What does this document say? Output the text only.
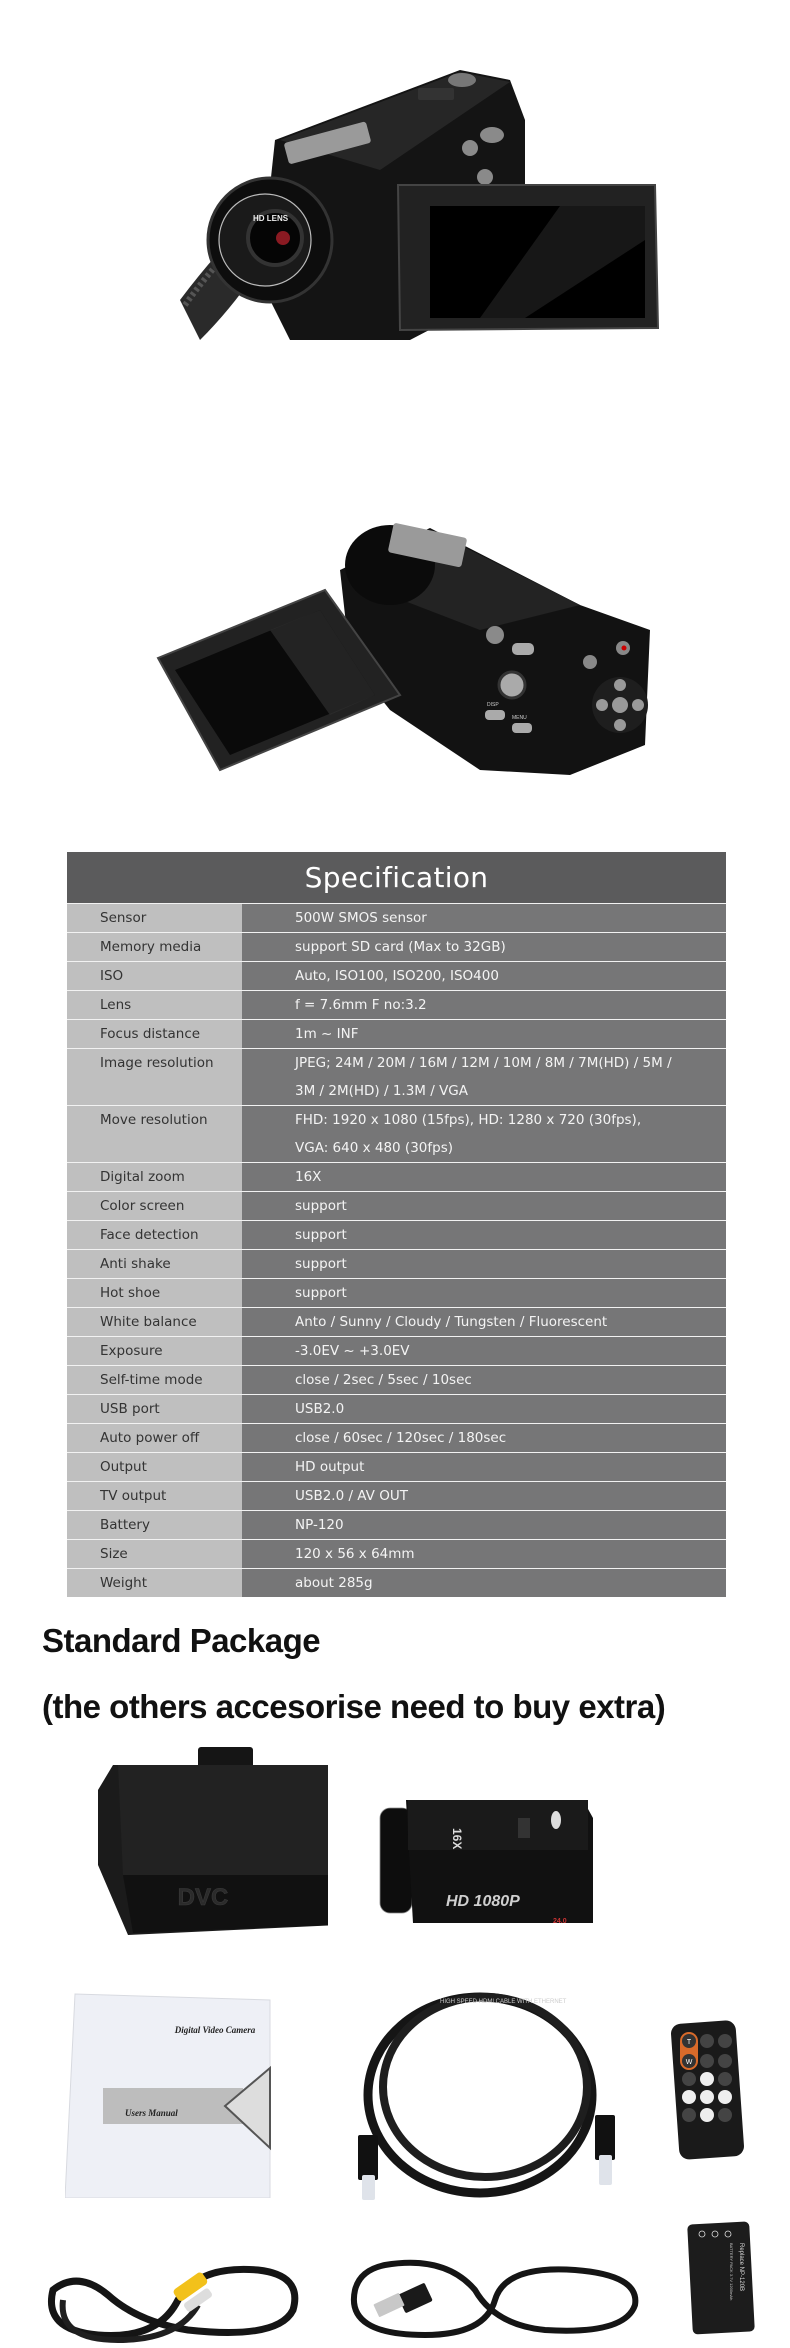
HD LENS
DISP
MENU
Specification
Sensor	500W SMOS sensor
Memory media	support SD card (Max to 32GB)
ISO	Auto, ISO100, ISO200, ISO400
Lens	f = 7.6mm F no:3.2
Focus distance	1m ~ INF
Image resolution	JPEG; 24M / 20M / 16M / 12M / 10M / 8M / 7M(HD) / 5M /
3M / 2M(HD) / 1.3M / VGA
Move resolution	FHD: 1920 x 1080 (15fps), HD: 1280 x 720 (30fps),
VGA: 640 x 480 (30fps)
Digital zoom	16X
Color screen	support
Face detection	support
Anti shake	support
Hot shoe	support
White balance	Anto / Sunny / Cloudy / Tungsten / Fluorescent
Exposure	-3.0EV ~ +3.0EV
Self-time mode	close / 2sec / 5sec / 10sec
USB port	USB2.0
Auto power off	close / 60sec / 120sec / 180sec
Output	HD output
TV output	USB2.0 / AV OUT
Battery	NP-120
Size	120 x 56 x 64mm
Weight	about 285g
Standard Package
(the others accesorise need to buy extra)
DVC
16X
HD 1080P
24.0
Digital Video Camera
Users Manual
HIGH SPEED HDMI CABLE WITH ETHERNET
T
W
Replace NP-120B
BATTERY PACK 3.7V 1200mAh
